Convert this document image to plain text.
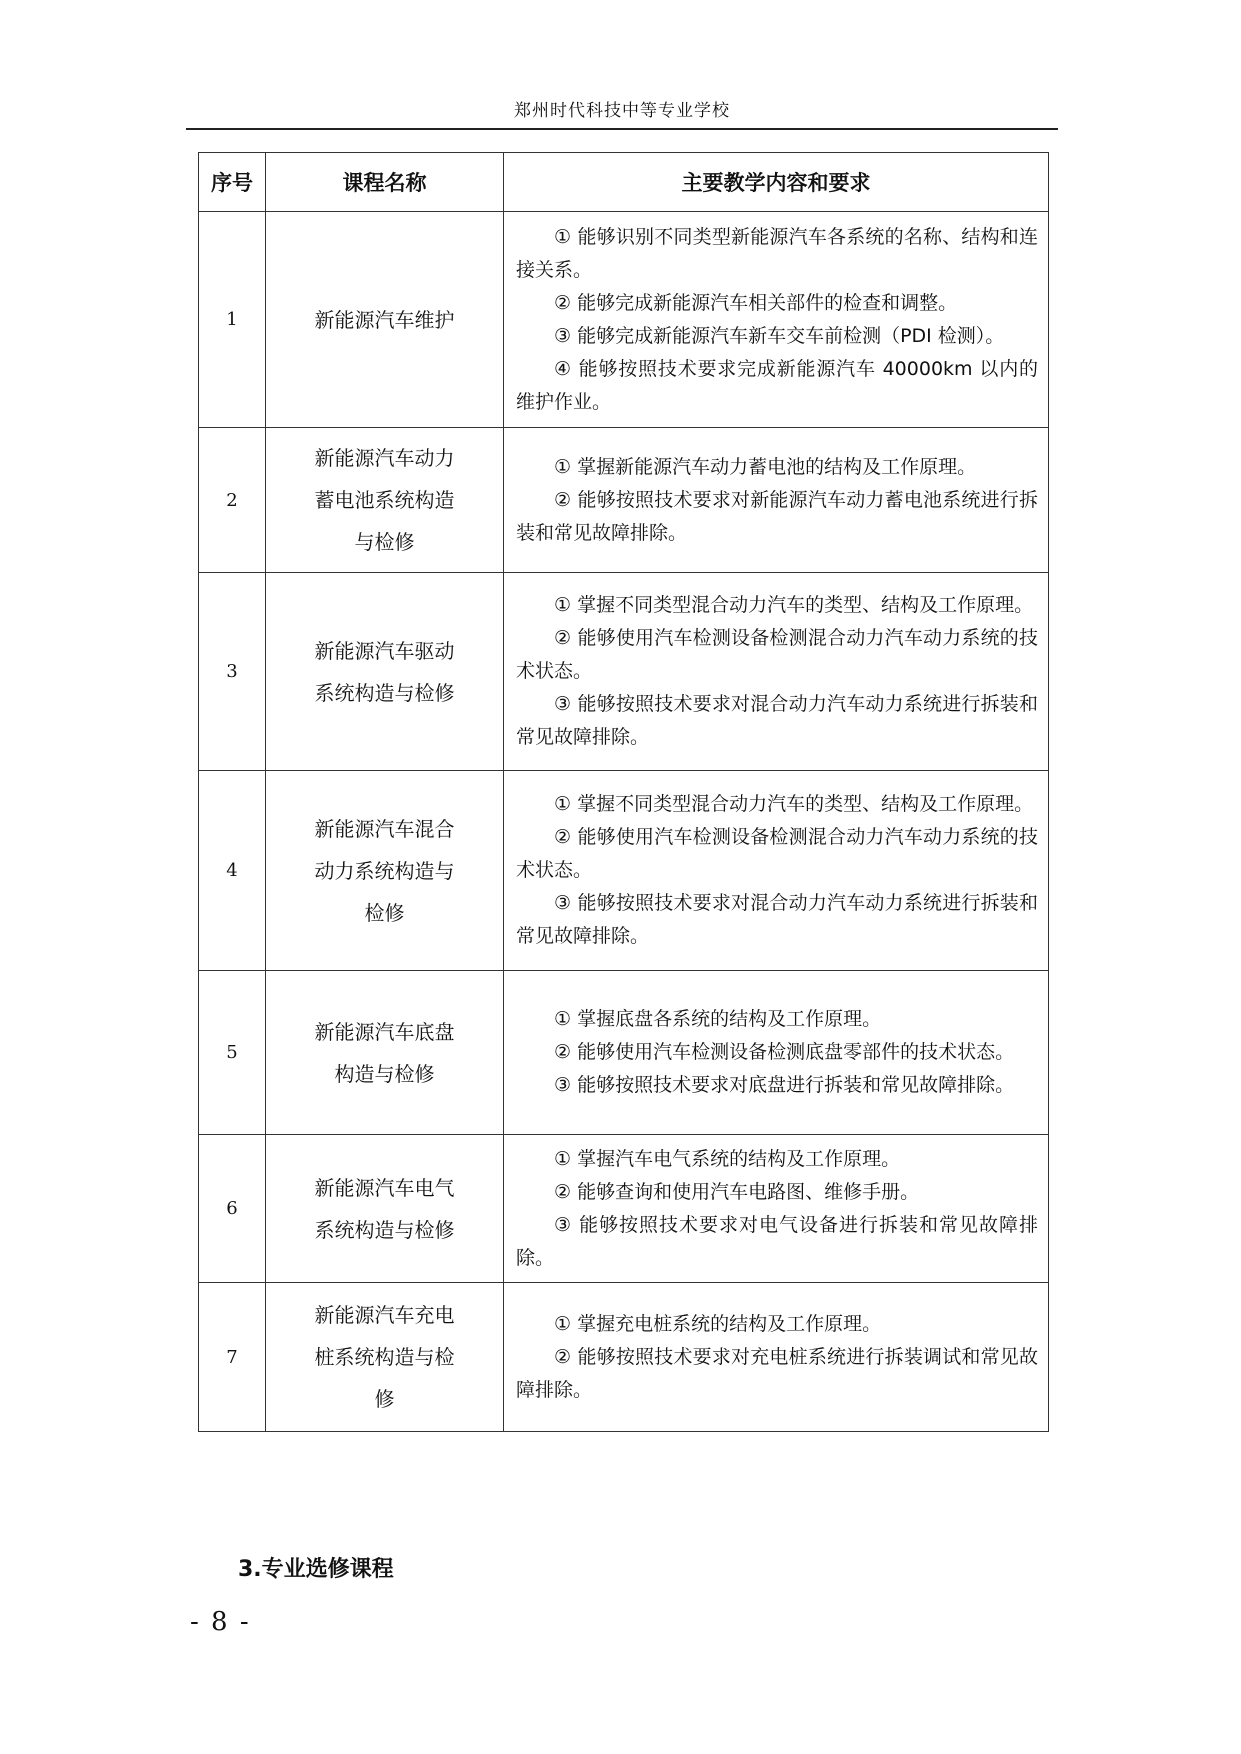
郑州时代科技中等专业学校
序号	课程名称	主要教学内容和要求
1	新能源汽车维护	① 能够识别不同类型新能源汽车各系统的名称、结构和连接关系。

② 能够完成新能源汽车相关部件的检查和调整。

③ 能够完成新能源汽车新车交车前检测（PDI 检测）。

④ 能够按照技术要求完成新能源汽车 40000km 以内的维护作业。

2	新能源汽车动力蓄电池系统构造与检修	① 掌握新能源汽车动力蓄电池的结构及工作原理。

② 能够按照技术要求对新能源汽车动力蓄电池系统进行拆装和常见故障排除。

3	新能源汽车驱动系统构造与检修	① 掌握不同类型混合动力汽车的类型、结构及工作原理。

② 能够使用汽车检测设备检测混合动力汽车动力系统的技术状态。

③ 能够按照技术要求对混合动力汽车动力系统进行拆装和常见故障排除。

4	新能源汽车混合动力系统构造与检修	① 掌握不同类型混合动力汽车的类型、结构及工作原理。

② 能够使用汽车检测设备检测混合动力汽车动力系统的技术状态。

③ 能够按照技术要求对混合动力汽车动力系统进行拆装和常见故障排除。

5	新能源汽车底盘构造与检修	① 掌握底盘各系统的结构及工作原理。

② 能够使用汽车检测设备检测底盘零部件的技术状态。

③ 能够按照技术要求对底盘进行拆装和常见故障排除。

6	新能源汽车电气系统构造与检修	① 掌握汽车电气系统的结构及工作原理。

② 能够查询和使用汽车电路图、维修手册。

③ 能够按照技术要求对电气设备进行拆装和常见故障排除。

7	新能源汽车充电桩系统构造与检修	① 掌握充电桩系统的结构及工作原理。

② 能够按照技术要求对充电桩系统进行拆装调试和常见故障排除。

3.专业选修课程
- 8 -
